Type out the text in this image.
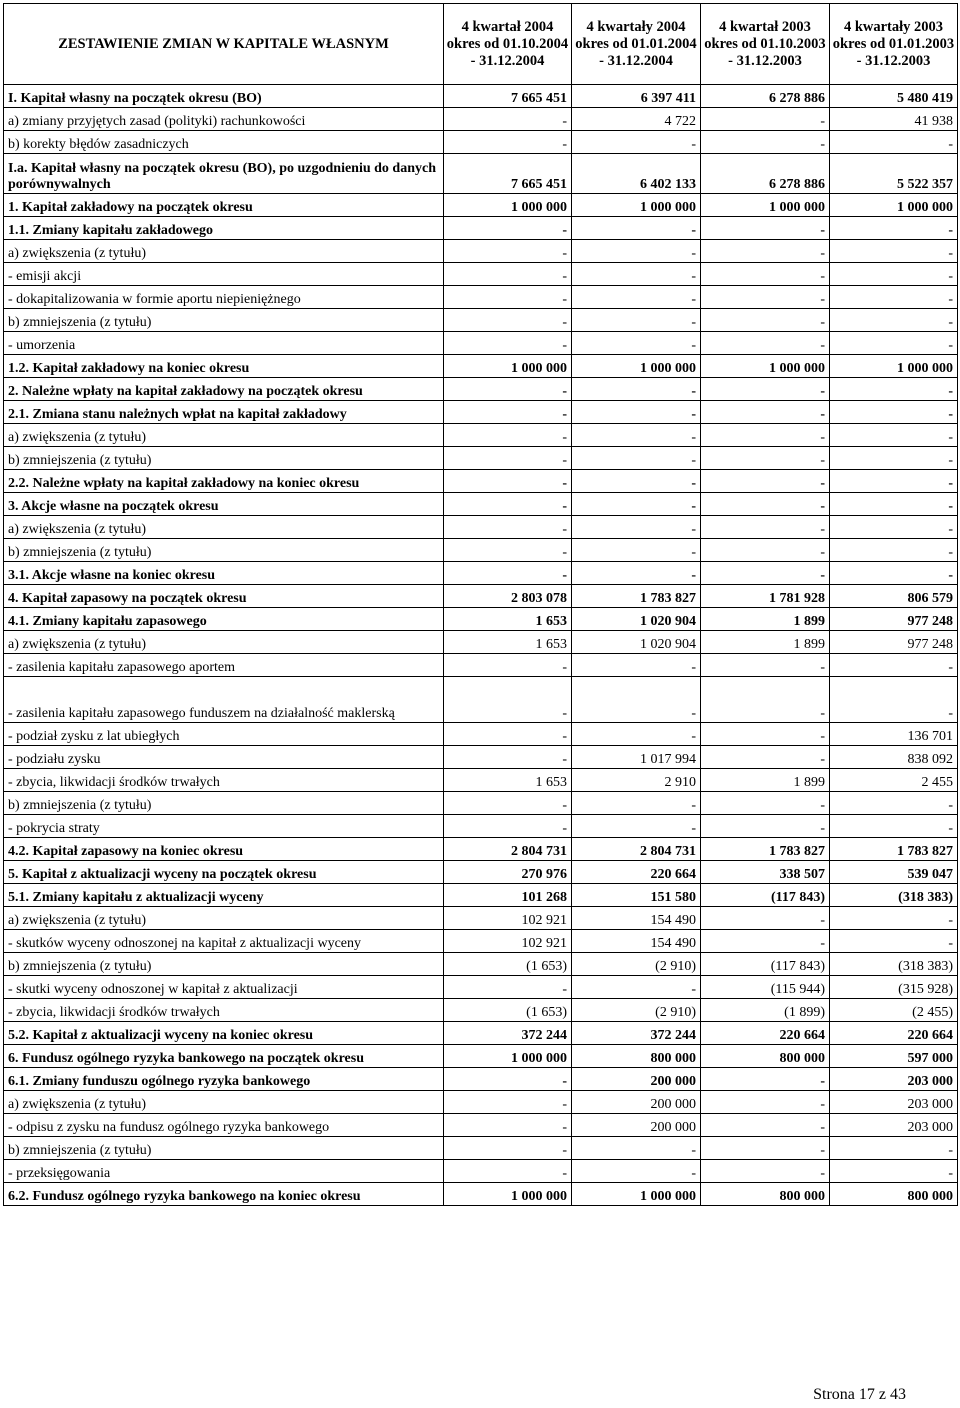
ZESTAWIENIE ZMIAN W KAPITALE WŁASNYM	4 kwartał 2004 okres od 01.10.2004 - 31.12.2004	4 kwartały 2004 okres od 01.01.2004 - 31.12.2004	4 kwartał 2003 okres od 01.10.2003 - 31.12.2003	4 kwartały 2003 okres od 01.01.2003 - 31.12.2003
I. Kapitał własny na początek okresu (BO)	7 665 451	6 397 411	6 278 886	5 480 419
a) zmiany przyjętych zasad (polityki) rachunkowości	-	4 722	-	41 938
b) korekty błędów zasadniczych	-	-	-	-
I.a. Kapitał własny na początek okresu (BO), po uzgodnieniu do danych porównywalnych	7 665 451	6 402 133	6 278 886	5 522 357
1. Kapitał zakładowy na początek okresu	1 000 000	1 000 000	1 000 000	1 000 000
1.1. Zmiany kapitału zakładowego	-	-	-	-
a) zwiększenia (z tytułu)	-	-	-	-
- emisji akcji	-	-	-	-
- dokapitalizowania w formie aportu niepieniężnego	-	-	-	-
b) zmniejszenia (z tytułu)	-	-	-	-
- umorzenia	-	-	-	-
1.2. Kapitał zakładowy na koniec okresu	1 000 000	1 000 000	1 000 000	1 000 000
2. Należne wpłaty na kapitał zakładowy na początek okresu	-	-	-	-
2.1. Zmiana stanu należnych wpłat na kapitał zakładowy	-	-	-	-
a) zwiększenia (z tytułu)	-	-	-	-
b) zmniejszenia (z tytułu)	-	-	-	-
2.2. Należne wpłaty na kapitał zakładowy na koniec okresu	-	-	-	-
3. Akcje własne na początek okresu	-	-	-	-
a) zwiększenia (z tytułu)	-	-	-	-
b) zmniejszenia (z tytułu)	-	-	-	-
3.1. Akcje własne na koniec okresu	-	-	-	-
4. Kapitał zapasowy na początek okresu	2 803 078	1 783 827	1 781 928	806 579
4.1. Zmiany kapitału zapasowego	1 653	1 020 904	1 899	977 248
a) zwiększenia (z tytułu)	1 653	1 020 904	1 899	977 248
- zasilenia kapitału zapasowego aportem	-	-	-	-
- zasilenia kapitału zapasowego funduszem na działalność maklerską	-	-	-	-
- podział zysku z lat ubiegłych	-	-	-	136 701
- podziału zysku	-	1 017 994	-	838 092
- zbycia, likwidacji środków trwałych	1 653	2 910	1 899	2 455
b) zmniejszenia (z tytułu)	-	-	-	-
- pokrycia straty	-	-	-	-
4.2. Kapitał zapasowy na koniec okresu	2 804 731	2 804 731	1 783 827	1 783 827
5. Kapitał z aktualizacji wyceny na początek okresu	270 976	220 664	338 507	539 047
5.1. Zmiany kapitału z aktualizacji wyceny	101 268	151 580	(117 843)	(318 383)
a) zwiększenia (z tytułu)	102 921	154 490	-	-
- skutków wyceny odnoszonej na kapitał z aktualizacji wyceny	102 921	154 490	-	-
b) zmniejszenia (z tytułu)	(1 653)	(2 910)	(117 843)	(318 383)
- skutki wyceny odnoszonej w kapitał z aktualizacji	-	-	(115 944)	(315 928)
- zbycia, likwidacji środków trwałych	(1 653)	(2 910)	(1 899)	(2 455)
5.2. Kapitał z aktualizacji wyceny na koniec okresu	372 244	372 244	220 664	220 664
6. Fundusz ogólnego ryzyka bankowego na początek okresu	1 000 000	800 000	800 000	597 000
6.1. Zmiany funduszu ogólnego ryzyka bankowego	-	200 000	-	203 000
a) zwiększenia (z tytułu)	-	200 000	-	203 000
- odpisu z zysku na fundusz ogólnego ryzyka bankowego	-	200 000	-	203 000
b) zmniejszenia (z tytułu)	-	-	-	-
- przeksięgowania	-	-	-	-
6.2. Fundusz ogólnego ryzyka bankowego na koniec okresu	1 000 000	1 000 000	800 000	800 000
Strona 17 z 43
